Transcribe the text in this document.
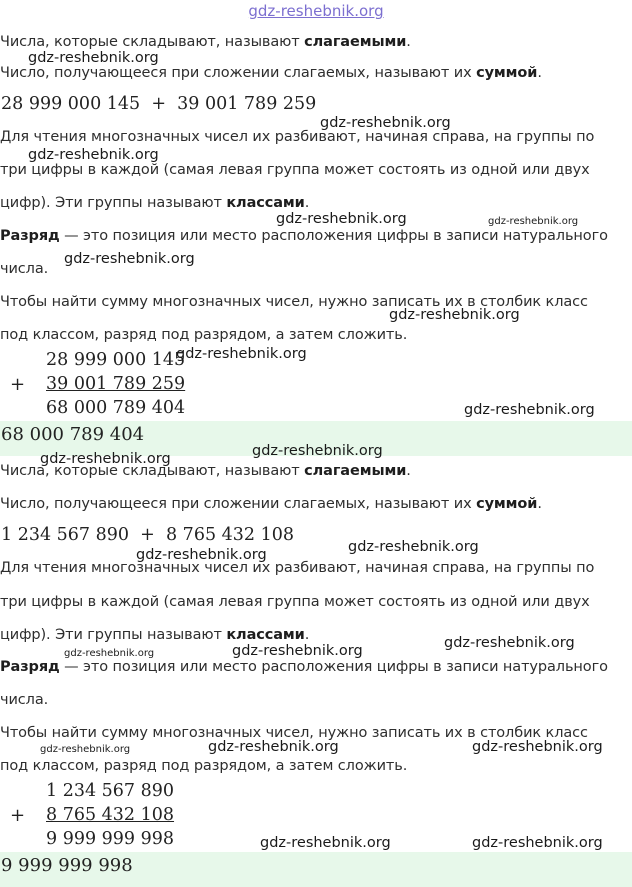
gdz-reshebnik.org
Числа, которые складывают, называют слагаемыми.
Число, получающееся при сложении слагаемых, называют их суммой.
28 999 000 145 + 39 001 789 259
Для чтения многозначных чисел их разбивают, начиная справа, на группы по
три цифры в каждой (самая левая группа может состоять из одной или двух
цифр). Эти группы называют классами.
Разряд — это позиция или место расположения цифры в записи натурального
числа.
Чтобы найти сумму многозначных чисел, нужно записать их в столбик класс
под классом, разряд под разрядом, а затем сложить.
28 999 000 145
+ 39 001 789 259
68 000 789 404
68 000 789 404
Числа, которые складывают, называют слагаемыми.
Число, получающееся при сложении слагаемых, называют их суммой.
1 234 567 890 + 8 765 432 108
Для чтения многозначных чисел их разбивают, начиная справа, на группы по
три цифры в каждой (самая левая группа может состоять из одной или двух
цифр). Эти группы называют классами.
Разряд — это позиция или место расположения цифры в записи натурального
числа.
Чтобы найти сумму многозначных чисел, нужно записать их в столбик класс
под классом, разряд под разрядом, а затем сложить.
1 234 567 890
+ 8 765 432 108
9 999 999 998
9 999 999 998
gdz-reshebnik.org
gdz-reshebnik.org
gdz-reshebnik.org
gdz-reshebnik.org	gdz-reshebnik.org
gdz-reshebnik.org
gdz-reshebnik.org
gdz-reshebnik.org
gdz-reshebnik.org
gdz-reshebnik.org
gdz-reshebnik.org
gdz-reshebnik.org
gdz-reshebnik.org
gdz-reshebnik.org
gdz-reshebnik.org
gdz-reshebnik.org
gdz-reshebnik.org
gdz-reshebnik.org	gdz-reshebnik.org
gdz-reshebnik.org	gdz-reshebnik.org
